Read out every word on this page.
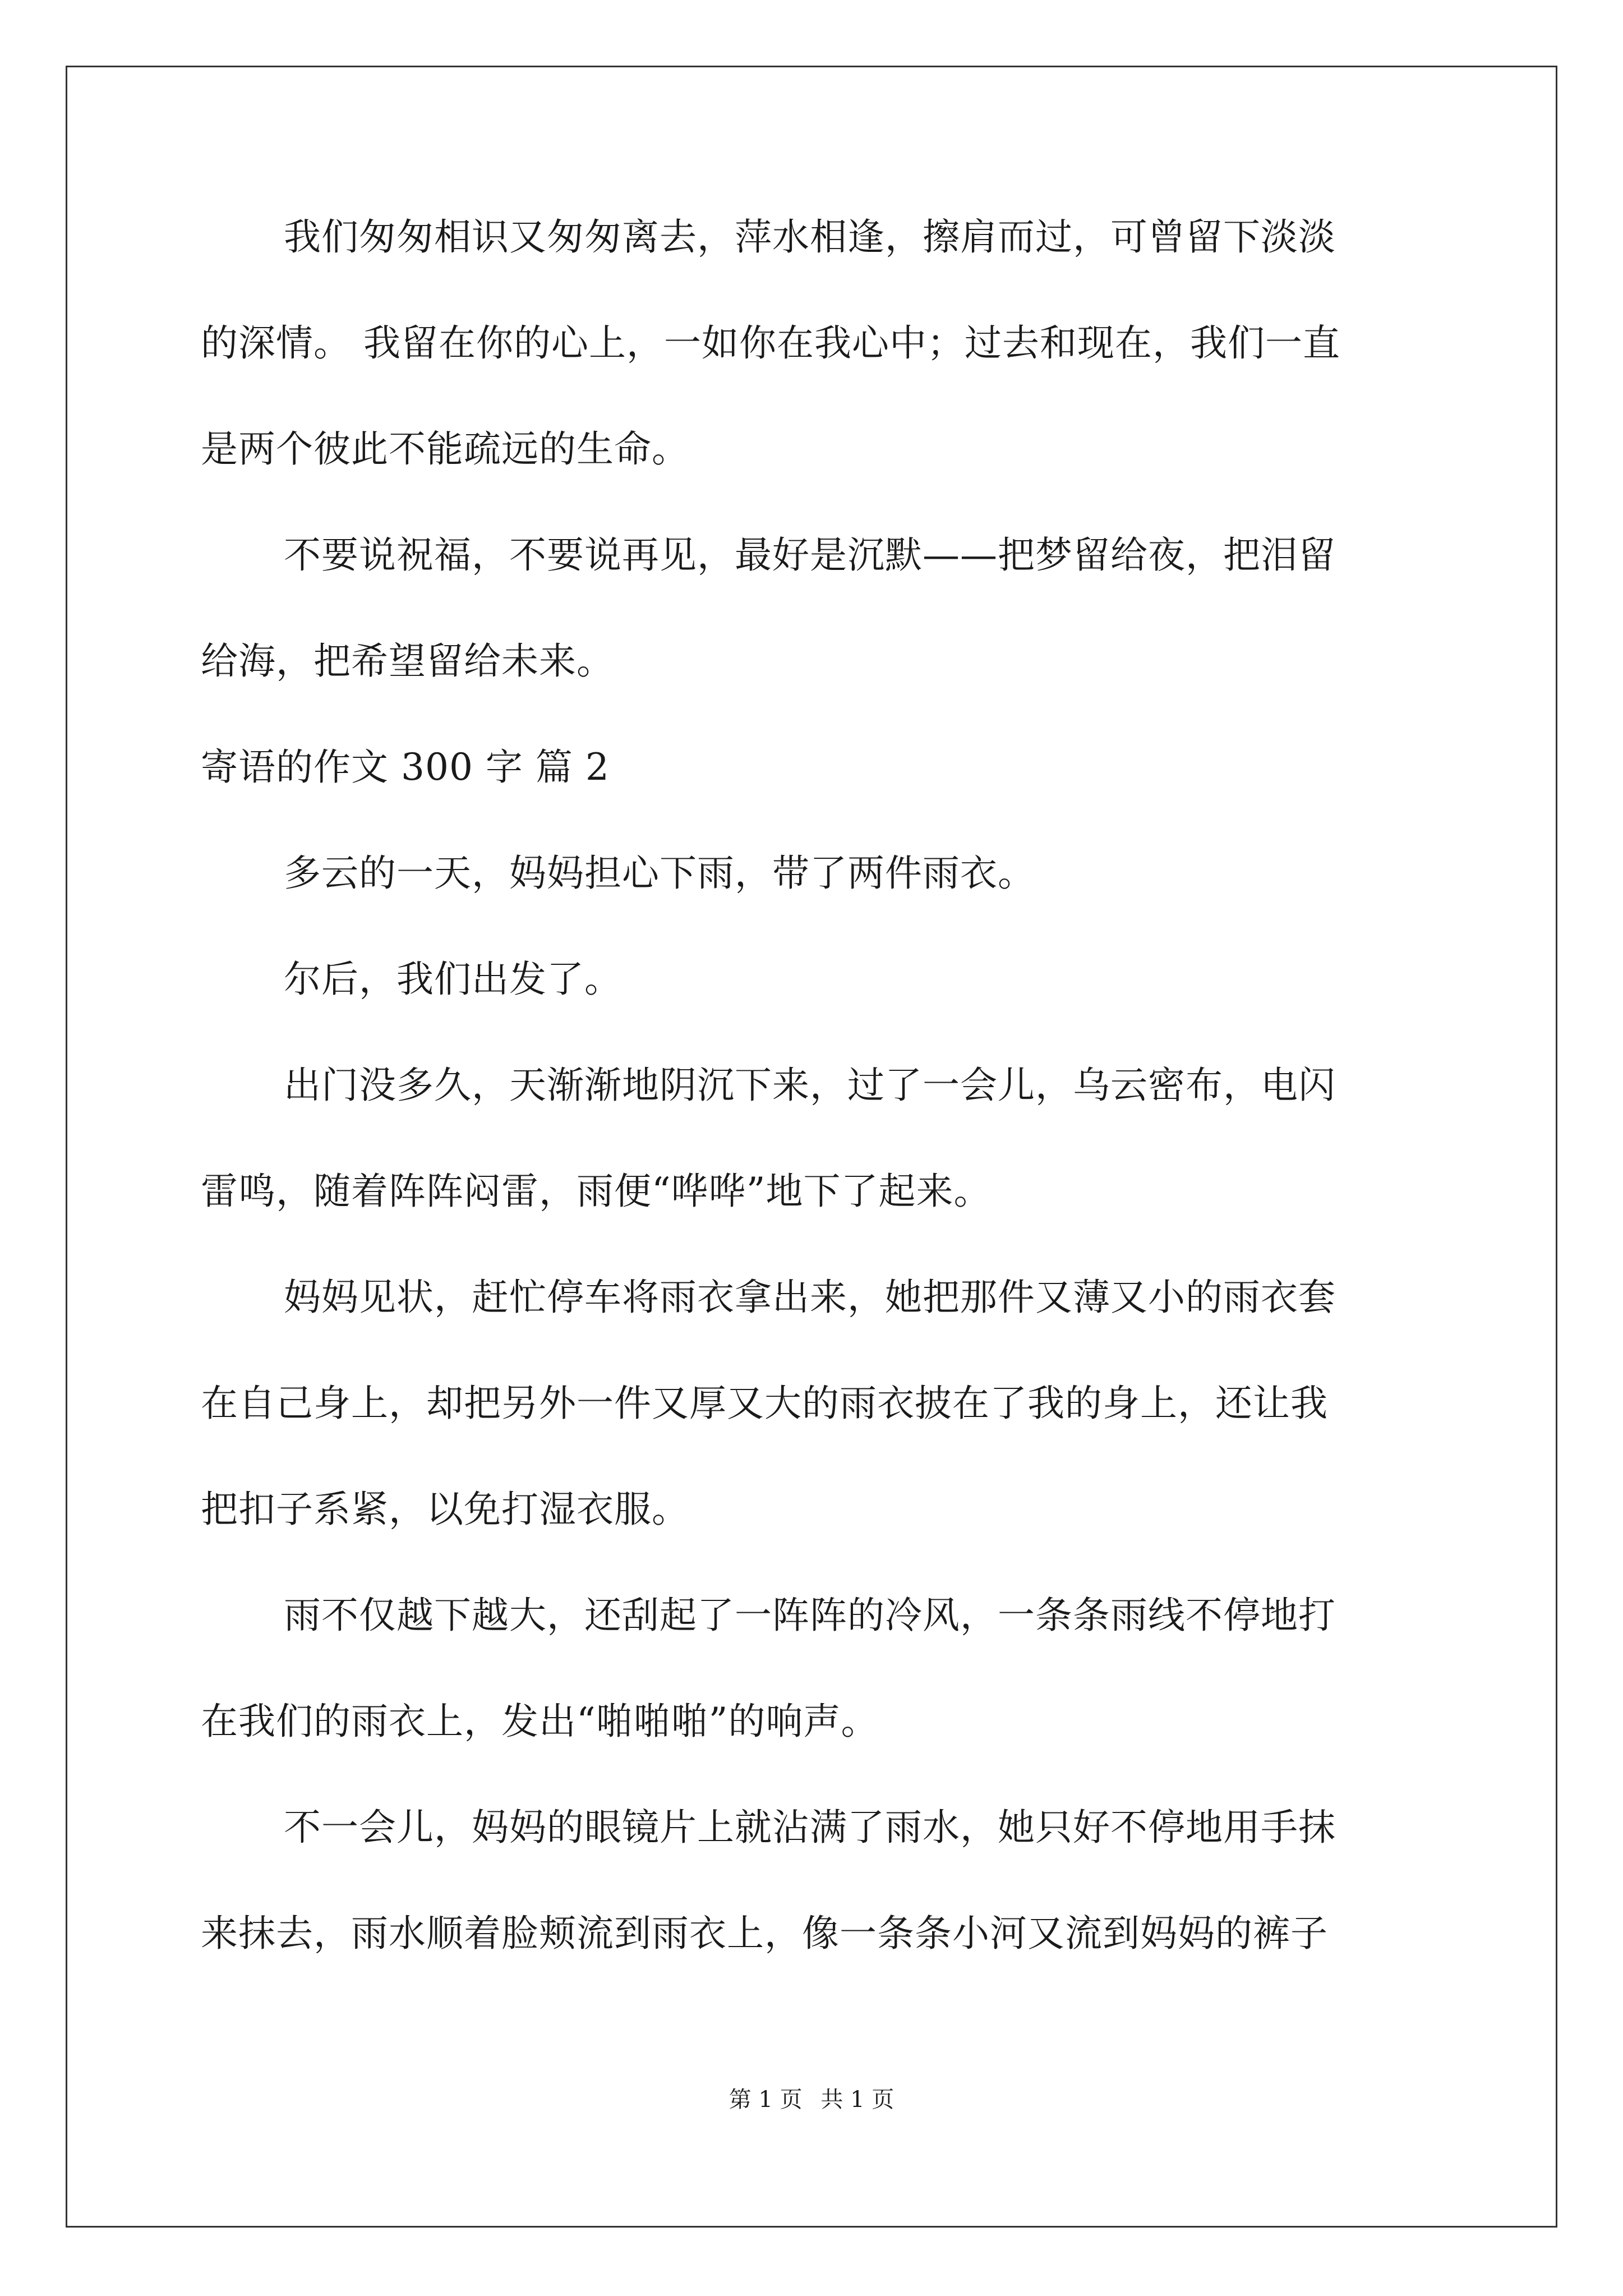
我们匆匆相识又匆匆离去，萍水相逢，擦肩而过，可曾留下淡淡
的深情。 我留在你的心上，一如你在我心中；过去和现在，我们一直
是两个彼此不能疏远的生命。
不要说祝福，不要说再见，最好是沉默——把梦留给夜，把泪留
给海，把希望留给未来。
寄语的作文 300 字 篇 2
多云的一天，妈妈担心下雨，带了两件雨衣。
尔后，我们出发了。
出门没多久，天渐渐地阴沉下来，过了一会儿，乌云密布，电闪
雷鸣，随着阵阵闷雷，雨便“哗哗”地下了起来。
妈妈见状，赶忙停车将雨衣拿出来，她把那件又薄又小的雨衣套
在自己身上，却把另外一件又厚又大的雨衣披在了我的身上，还让我
把扣子系紧，以免打湿衣服。
雨不仅越下越大，还刮起了一阵阵的冷风，一条条雨线不停地打
在我们的雨衣上，发出“啪啪啪”的响声。
不一会儿，妈妈的眼镜片上就沾满了雨水，她只好不停地用手抹
来抹去，雨水顺着脸颊流到雨衣上，像一条条小河又流到妈妈的裤子
第 1 页 共 1 页
